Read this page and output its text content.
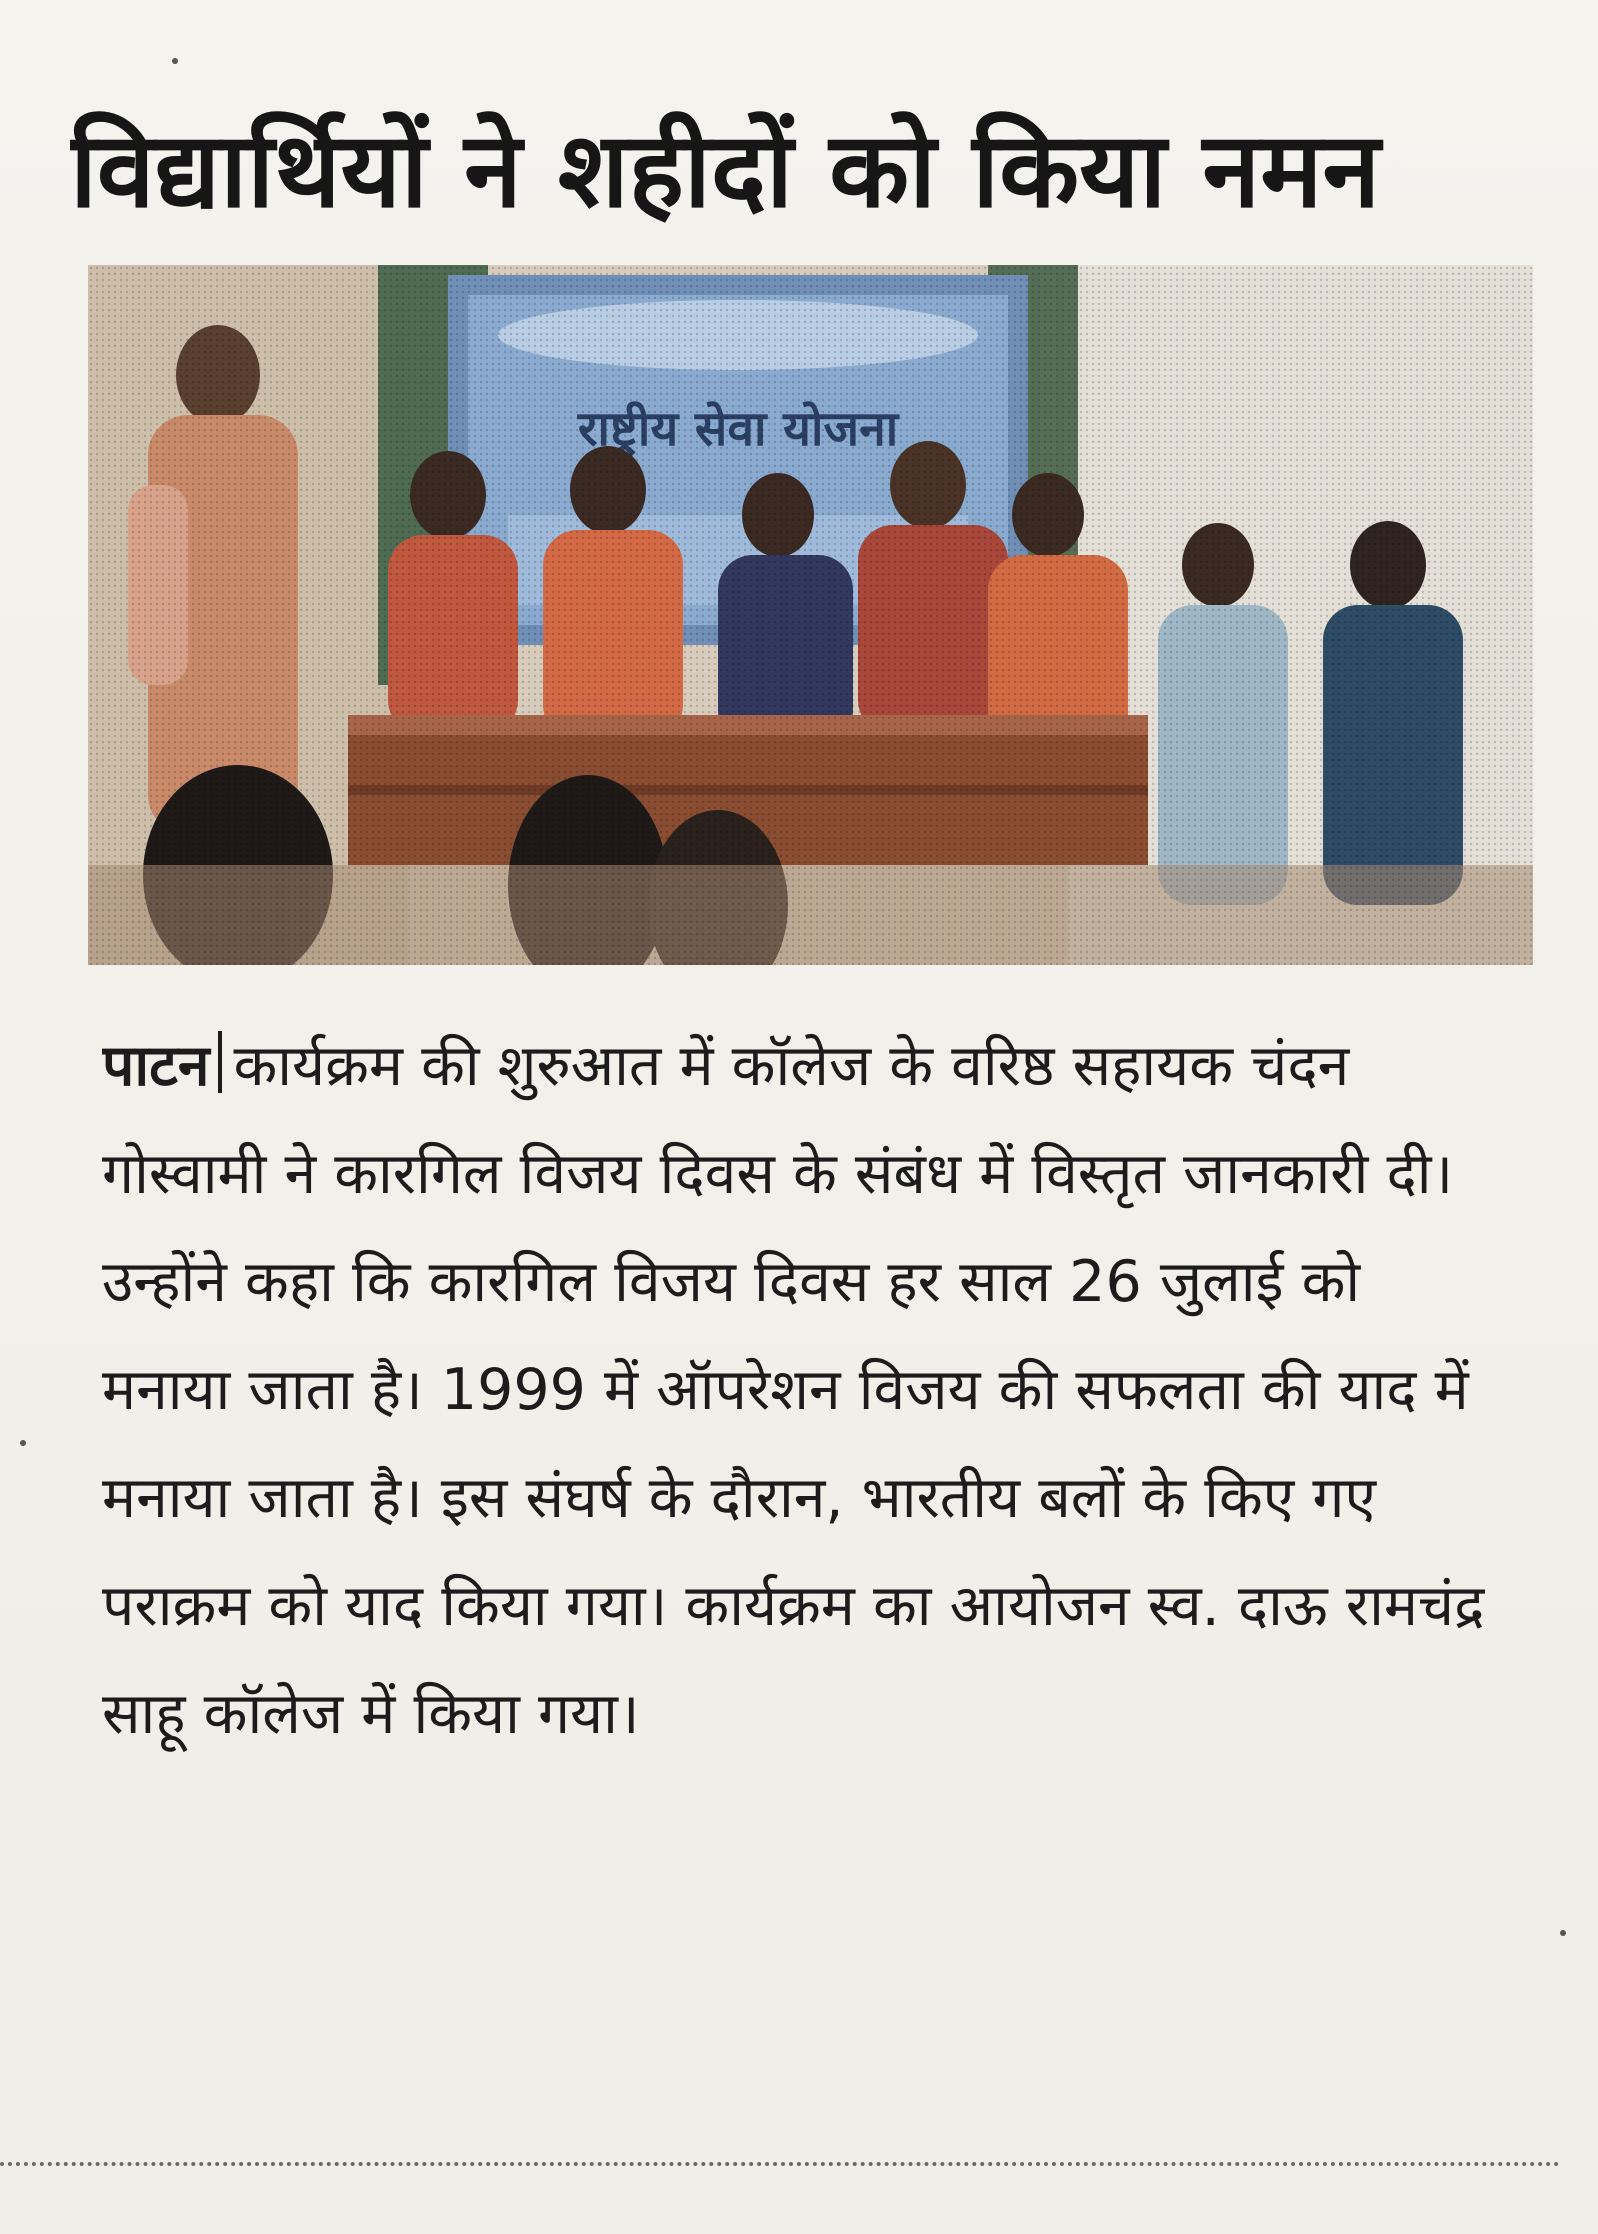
विद्यार्थियों ने शहीदों को किया नमन
पाटन कार्यक्रम की शुरुआत में कॉलेज के वरिष्ठ सहायक चंदन गोस्वामी ने कारगिल विजय दिवस के संबंध में विस्तृत जानकारी दी। उन्होंने कहा कि कारगिल विजय दिवस हर साल 26 जुलाई को मनाया जाता है। 1999 में ऑपरेशन विजय की सफलता की याद में मनाया जाता है। इस संघर्ष के दौरान, भारतीय बलों के किए गए पराक्रम को याद किया गया। कार्यक्रम का आयोजन स्व. दाऊ रामचंद्र साहू कॉलेज में किया गया।
